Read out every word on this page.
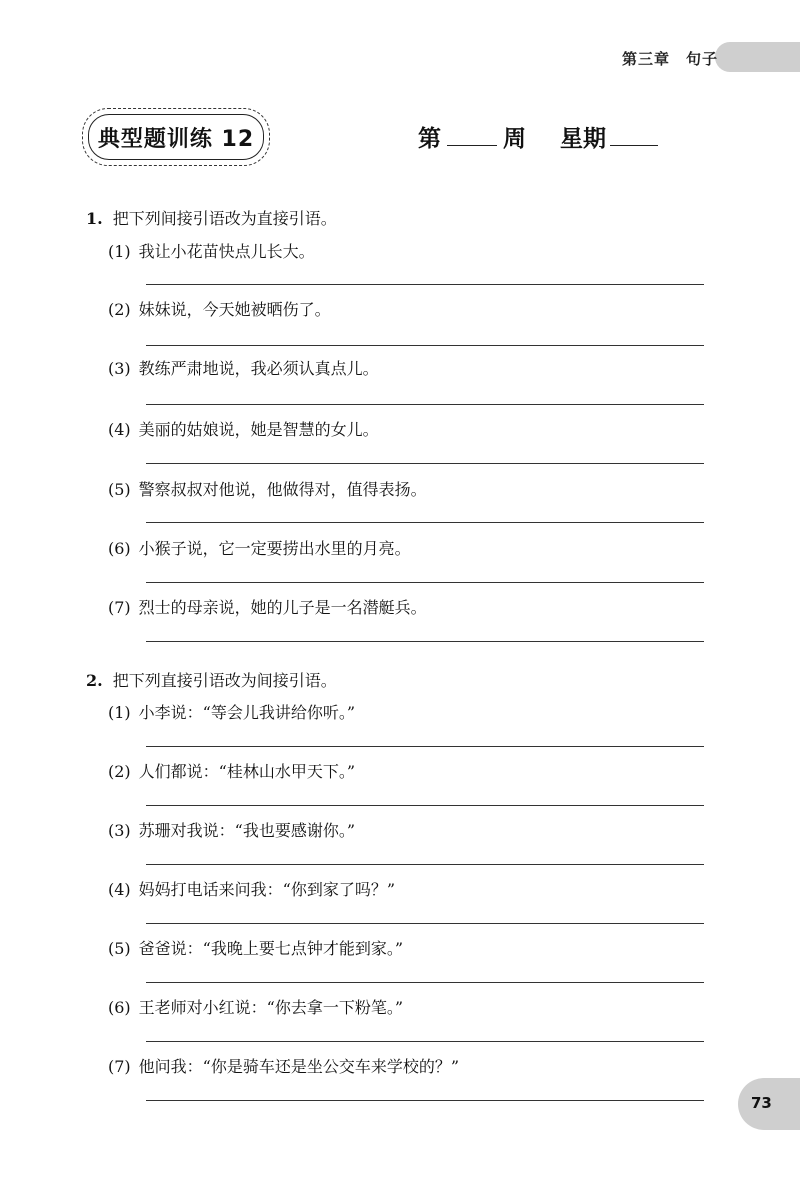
第三章　句子
典型题训练 12	第	周 星期
1. 把下列间接引语改为直接引语。
(1) 我让小花苗快点儿长大。
(2) 妹妹说，今天她被晒伤了。
(3) 教练严肃地说，我必须认真点儿。
(4) 美丽的姑娘说，她是智慧的女儿。
(5) 警察叔叔对他说，他做得对，值得表扬。
(6) 小猴子说，它一定要捞出水里的月亮。
(7) 烈士的母亲说，她的儿子是一名潜艇兵。
2. 把下列直接引语改为间接引语。
(1) 小李说：“等会儿我讲给你听。”
(2) 人们都说：“桂林山水甲天下。”
(3) 苏珊对我说：“我也要感谢你。”
(4) 妈妈打电话来问我：“你到家了吗？”
(5) 爸爸说：“我晚上要七点钟才能到家。”
(6) 王老师对小红说：“你去拿一下粉笔。”
(7) 他问我：“你是骑车还是坐公交车来学校的？”
73
